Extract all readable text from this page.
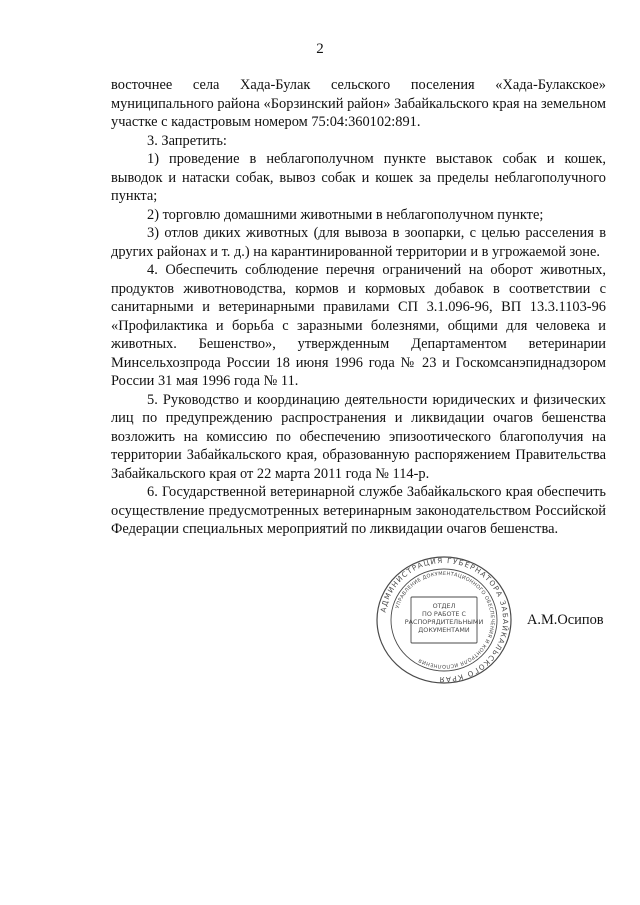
2

восточнее села Хада-Булак сельского поселения «Хада-Булакское» муниципального района «Борзинский район» Забайкальского края на земельном участке с кадастровым номером 75:04:360102:891.

3. Запретить:

1) проведение в неблагополучном пункте выставок собак и кошек, выводок и натаски собак, вывоз собак и кошек за пределы неблагополучного пункта;

2) торговлю домашними животными в неблагополучном пункте;

3) отлов диких животных (для вывоза в зоопарки, с целью расселения в других районах и т. д.) на карантинированной территории и в угрожаемой зоне.

4. Обеспечить соблюдение перечня ограничений на оборот животных, продуктов животноводства, кормов и кормовых добавок в соответствии с санитарными и ветеринарными правилами СП 3.1.096-96, ВП 13.3.1103-96 «Профилактика и борьба с заразными болезнями, общими для человека и животных. Бешенство», утвержденным Департаментом ветеринарии Минсельхозпрода России 18 июня 1996 года № 23 и Госкомсанэпиднадзором России 31 мая 1996 года № 11.

5. Руководство и координацию деятельности юридических и физических лиц по предупреждению распространения и ликвидации очагов бешенства возложить на комиссию по обеспечению эпизоотического благополучия на территории Забайкальского края, образованную распоряжением Правительства Забайкальского края от 22 марта 2011 года № 114-р.

6. Государственной ветеринарной службе Забайкальского края обеспечить осуществление предусмотренных ветеринарным законодательством Российской Федерации специальных мероприятий по ликвидации очагов бешенства.

АДМИНИСТРАЦИЯ ГУБЕРНАТОРА ЗАБАЙКАЛЬСКОГО КРАЯ
УПРАВЛЕНИЕ ДОКУМЕНТАЦИОННОГО ОБЕСПЕЧЕНИЯ И КОНТРОЛЯ ИСПОЛНЕНИЯ
ОТДЕЛ
ПО РАБОТЕ С
РАСПОРЯДИТЕЛЬНЫМИ
ДОКУМЕНТАМИ
А.М.Осипов
